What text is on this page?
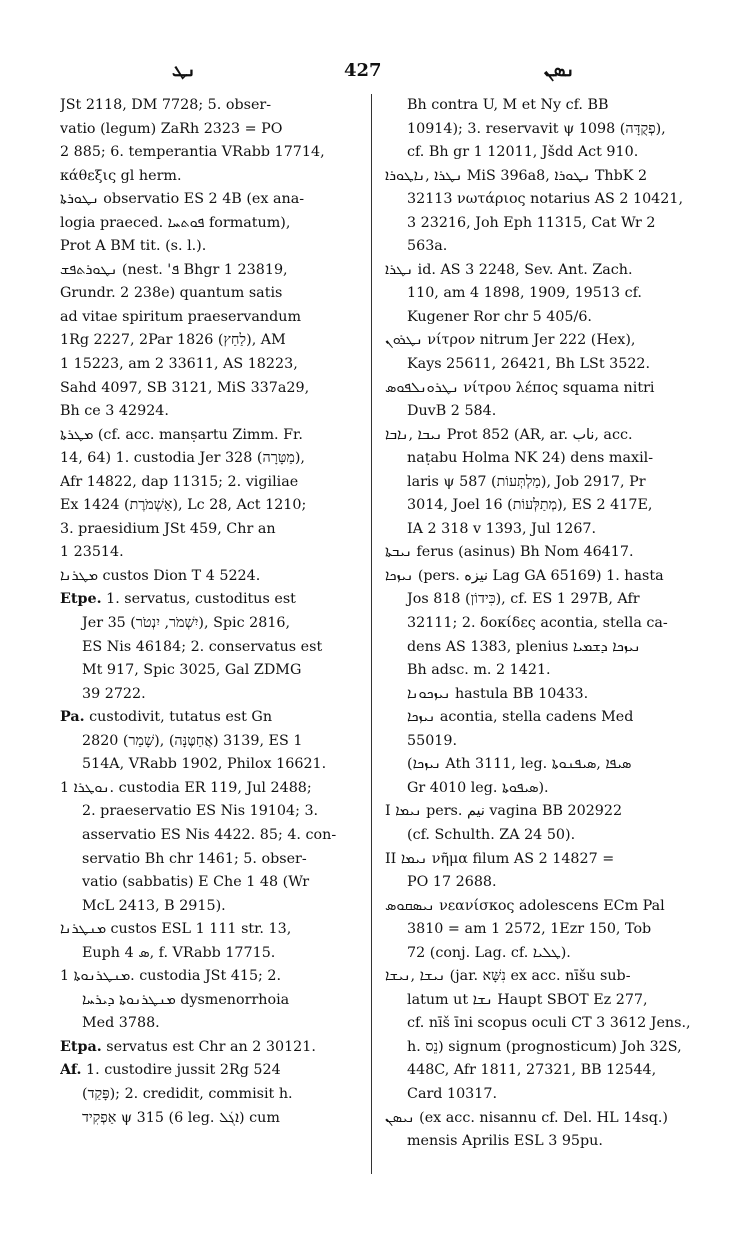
ܢܛ	427	ܢܣܢ
JSt 2118, DM 7728; 5. obser-
vatio (legum) ZaRh 2323 = PO
2 885; 6. temperantia VRabb 17714,
κάθεξις gl herm.
ܢܛܘܪܬܐ observatio ES 2 4B (ex ana-
logia praeced. ܦܘܬܚܐ formatum),
Prot A BM tit. (s. l.).
ܢܛܘܪܬܦܫ (nest. 'ܦ Bhgr 1 23819,
Grundr. 2 238e) quantum satis
ad vitae spiritum praeservandum
1Rg 2227, 2Par 1826 (לַחַץ), AM
1 15223, am 2 33611, AS 18223,
Sahd 4097, SB 3121, MiS 337a29,
Bh ce 3 42924.
ܡܛܪܬܐ (cf. acc. manṣartu Zimm. Fr.
14, 64) 1. custodia Jer 328 (מַטָּרָה),
Afr 14822, dap 11315; 2. vigiliae
Ex 1424 (אַשְׁמֹרֶת), Lc 28, Act 1210;
3. praesidium JSt 459, Chr an
1 23514.
ܡܛܪܢܐ custos Dion T 4 5224.
Etpe. 1. servatus, custoditus est
Jer 35 (יִשְׁמֹר, יִנְטֹר), Spic 2816,
ES Nis 46184; 2. conservatus est
Mt 917, Spic 3025, Gal ZDMG
39 2722.
Pa. custodivit, tutatus est Gn
2820 (שָׁמַר), 3139 (אֲחַטֶּנָּה), ES 1
514A, VRabb 1902, Philox 16621.
ܢܘܛܪܐ 1. custodia ER 119, Jul 2488;
2. praeservatio ES Nis 19104; 3.
asservatio ES Nis 4422. 85; 4. con-
servatio Bh chr 1461; 5. obser-
vatio (sabbatis) E Che 1 48 (Wr
McL 2413, B 2915).
ܡܢܛܪܢܐ custos ESL 1 111 str. 13,
Euph ܣ 4, f. VRabb 17715.
ܡܢܛܪܢܘܬܐ 1. custodia JSt 415; 2.
ܡܢܛܪܢܘܬܐ ܕܝܪܚܐ dysmenorrhoia
Med 3788.
Etpa. servatus est Chr an 2 30121.
Af. 1. custodire jussit 2Rg 524
(פָּקַד); 2. credidit, commisit h.
אַפְקִיד ψ 315 (6 leg. ܐܓܿܠ) cum
Bh contra U, M et Ny cf. BB
10914); 3. reservavit ψ 1098 (פְקֻדָּה),
cf. Bh gr 1 12011, Jšdd Act 910.
ܢܛܪܐ ,ܢܐܛܘܪܐ MiS 396a8, ܢܛܘܪܐ ThbK 2
32113 νωτάριος notarius AS 2 10421,
3 23216, Joh Eph 11315, Cat Wr 2
563a.
ܢܛܪܐ id. AS 3 2248, Sev. Ant. Zach.
110, am 4 1898, 1909, 19513 cf.
Kugener Ror chr 5 405/6.
ܢܛܪܘܢ νίτρον nitrum Jer 222 (Hex),
Kays 25611, 26421, Bh LSt 3522.
ܢܛܪܘܢܠܦܘܣ νίτρου λέπος squama nitri
DuvB 2 584.
ܢܝܒܐ ,ܢܐܒܐ Prot 852 (AR, ar. ناب, acc.
naṭabu Holma NK 24) dens maxil-
laris ψ 587 (מַלְתְּעוֹת), Job 2917, Pr
3014, Joel 16 (מְתַלְּעוֹת), ES 2 417E,
IA 2 318 v 1393, Jul 1267.
ܢܝܒܬܐ ferus (asinus) Bh Nom 46417.
ܢܝܙܟܐ (pers. نیزه Lag GA 65169) 1. hasta
Jos 818 (כִּידוֹן), cf. ES 1 297B, Afr
32111; 2. δοκίδες acontia, stella ca-
dens AS 1383, plenius ܢܝܙܟܐ ܕܫܡܝܐ
Bh adsc. m. 2 1421.
ܢܝܙܟܘܢܐ hastula BB 10433.
ܢܝܙܟܐ acontia, stella cadens Med
55019.
(ܢܝܙܟܐ Ath 3111, leg. ܣܝܦܐ ,ܣܝܦܢܘܬܐ
Gr 4010 leg. ܣܝܦܘܬܐ).
I ܢܝܡܐ pers. نیم vagina BB 202922
(cf. Schulth. ZA 24 50).
II ܢܝܡܐ νῆμα filum AS 2 14827 =
PO 17 2688.
ܢܝܣܩܘܣ νεανίσκος adolescens ECm Pal
3810 = am 1 2572, 1Ezr 150, Tob
72 (conj. Lag. cf. ܛܠܝܐ).
ܢܝܫܐ ,ܢܝܫܐ (jar. נִשָּׁא ex acc. nīšu sub-
latum ut ܢܫܐ Haupt SBOT Ez 277,
cf. nīš īni scopus oculi CT 3 3612 Jens.,
h. נֵס) signum (prognosticum) Joh 32S,
448C, Afr 1811, 27321, BB 12544,
Card 10317.
ܢܝܣܢ (ex acc. nisannu cf. Del. HL 14sq.)
mensis Aprilis ESL 3 95pu.
